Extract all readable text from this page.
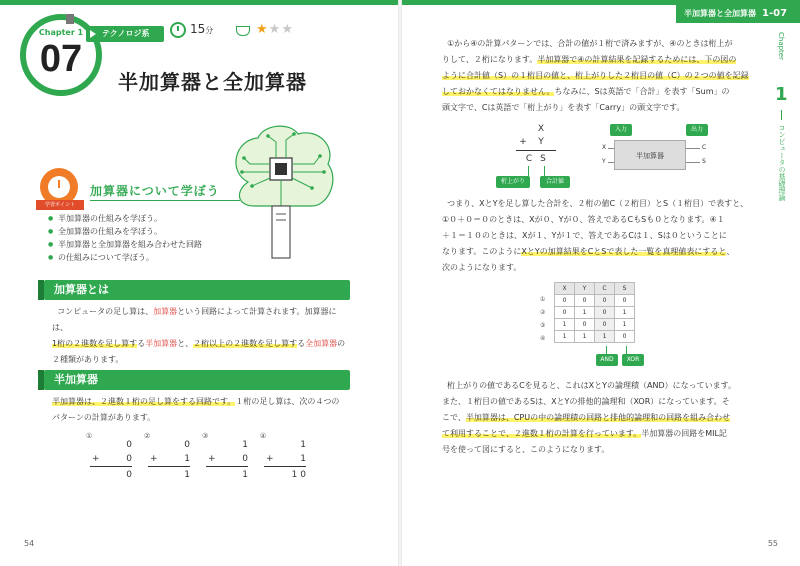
Chapter 1
07
テクノロジ系	15分	★★★
半加算器と全加算器
学習ポイント
加算器について学ぼう
● 半加算器の仕組みを学ぼう。
● 全加算器の仕組みを学ぼう。
● 半加算器と全加算器を組み合わせた回路
● の仕組みについて学ぼう。
加算器とは
コンピュータの足し算は、加算器という回路によって計算されます。加算器には、
1桁の２進数を足し算する半加算器と、２桁以上の２進数を足し算する全加算器の
２種類があります。
半加算器
半加算器は、２進数１桁の足し算をする回路です。１桁の足し算は、次の４つの
パターンの計算があります。
①
0
+	0
0
②
0
+	1
1
③
1
+	0
1
④
1
+	1
1 0
54
半加算器と全加算器 1-07
Chapter
1
コンピュータの基礎理論
①から④の計算パターンでは、合計の値が１桁で済みますが、④のときは桁上が
りして、２桁になります。半加算器で④の計算結果を記録するためには、下の図の
ように合計値（S）の１桁目の値と、桁上がりした２桁目の値（C）の２つの値を記録
しておかなくてはなりません。ちなみに、Sは英語で「合計」を表す「Sum」の
頭文字で、Cは英語で「桁上がり」を表す「Carry」の頭文字です。
X
+	Y
C S
桁上がり	合計値
入力	出力
半加算器
X
Y
C
S
つまり、XとYを足し算した合計を、２桁の値C（２桁目）とS（１桁目）で表すと、
①０＋０＝０のときは、Xが０、Yが０、答えであるCもSも０となります。④１
＋１＝１０のときは、Xが１、Yが１で、答えであるCは１、Sは０ということに
なります。このようにXとYの加算結果をCとSで表した一覧を真理値表にすると、
次のようになります。
①
②
③
④
X	Y	C	S
0	0	0	0
0	1	0	1
1	0	0	1
1	1	1	0
AND	XOR
桁上がりの値であるCを見ると、これはXとYの論理積（AND）になっています。
また、１桁目の値であるSは、XとYの排他的論理和（XOR）になっています。そ
こで、半加算器は、CPUの中の論理積の回路と排他的論理和の回路を組み合わせ
て利用することで、２進数１桁の計算を行っています。半加算器の回路をMIL記
号を使って図にすると、このようになります。
55
